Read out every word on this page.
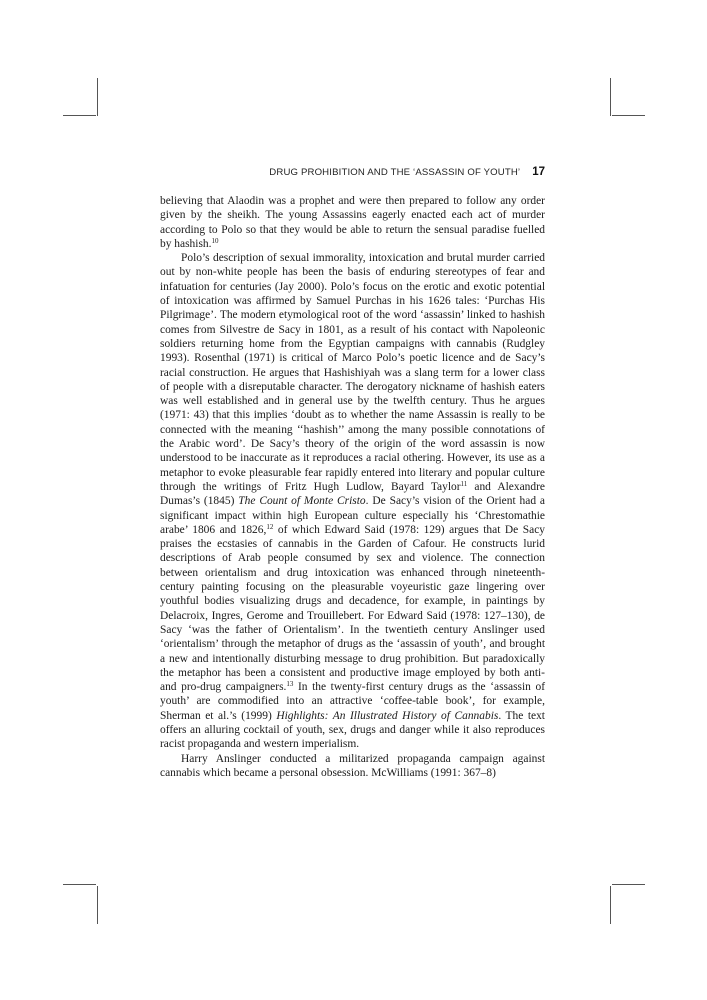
DRUG PROHIBITION AND THE ‘ASSASSIN OF YOUTH’ 17

believing that Alaodin was a prophet and were then prepared to follow any order given by the sheikh. The young Assassins eagerly enacted each act of murder according to Polo so that they would be able to return the sensual paradise fuelled by hashish.$^{10}$

Polo’s description of sexual immorality, intoxication and brutal murder carried out by non-white people has been the basis of enduring stereotypes of fear and infatuation for centuries (Jay 2000). Polo’s focus on the erotic and exotic potential of intoxication was affirmed by Samuel Purchas in his 1626 tales: ‘Purchas His Pilgrimage’. The modern etymological root of the word ‘assassin’ linked to hashish comes from Silvestre de Sacy in 1801, as a result of his contact with Napoleonic soldiers returning home from the Egyptian campaigns with cannabis (Rudgley 1993). Rosenthal (1971) is critical of Marco Polo’s poetic licence and de Sacy’s racial construction. He argues that Hashishiyah was a slang term for a lower class of people with a disreputable character. The derogatory nickname of hashish eaters was well established and in general use by the twelfth century. Thus he argues (1971: 43) that this implies ‘doubt as to whether the name Assassin is really to be connected with the meaning ‘‘hashish’’ among the many possible connotations of the Arabic word’. De Sacy’s theory of the origin of the word assassin is now understood to be inaccurate as it reproduces a racial othering. However, its use as a metaphor to evoke pleasurable fear rapidly entered into literary and popular culture through the writings of Fritz Hugh Ludlow, Bayard Taylor$^{11}$ and Alexandre Dumas’s (1845) The Count of Monte Cristo. De Sacy’s vision of the Orient had a significant impact within high European culture especially his ‘Chrestomathie arabe’ 1806 and 1826,12 of which Edward Said (1978: 129) argues that De Sacy praises the ecstasies of cannabis in the Garden of Cafour. He constructs lurid descriptions of Arab people consumed by sex and violence. The connection between orientalism and drug intoxication was enhanced through nineteenth-century painting focusing on the pleasurable voyeuristic gaze lingering over youthful bodies visualizing drugs and decadence, for example, in paintings by Delacroix, Ingres, Gerome and Trouillebert. For Edward Said (1978: 127–130), de Sacy ‘was the father of Orientalism’. In the twentieth century Anslinger used ‘orientalism’ through the metaphor of drugs as the ‘assassin of youth’, and brought a new and intentionally disturbing message to drug prohibition. But paradoxically the metaphor has been a consistent and productive image employed by both anti- and pro-drug campaigners.$^{13}$ In the twenty-first century drugs as the ‘assassin of youth’ are commodified into an attractive ‘coffee-table book’, for example, Sherman et al.’s (1999) Highlights: An Illustrated History of Cannabis. The text offers an alluring cocktail of youth, sex, drugs and danger while it also reproduces racist propaganda and western imperialism.

Harry Anslinger conducted a militarized propaganda campaign against cannabis which became a personal obsession. McWilliams (1991: 367–8)
